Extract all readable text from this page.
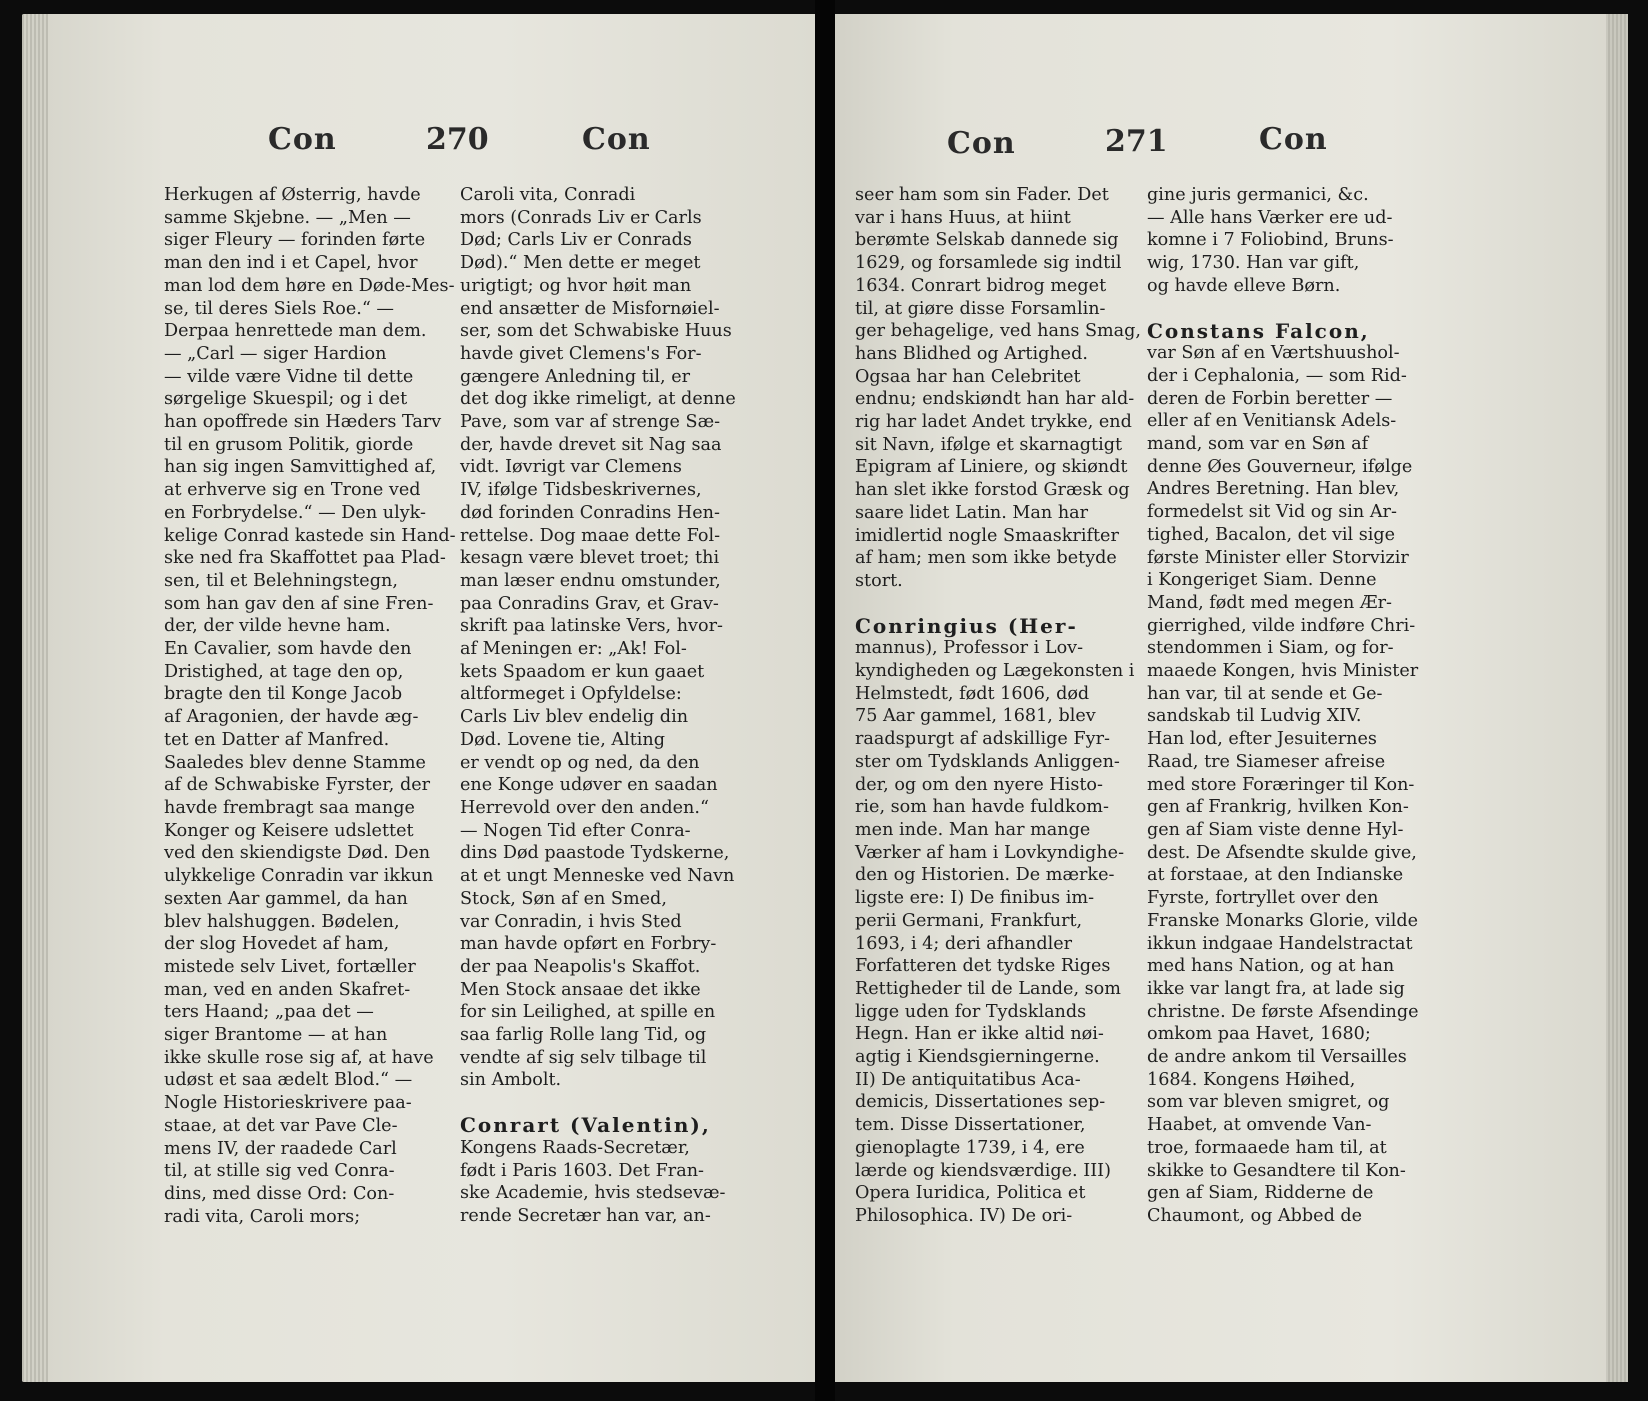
Con	270	Con

Herkugen af Østerrig, havde

samme Skjebne. — „Men —

siger Fleury — forinden førte

man den ind i et Capel, hvor

man lod dem høre en Døde-Mes-

se, til deres Siels Roe.“ —

Derpaa henrettede man dem.

— „Carl — siger Hardion

— vilde være Vidne til dette

sørgelige Skuespil; og i det

han opoffrede sin Hæders Tarv

til en grusom Politik, giorde

han sig ingen Samvittighed af,

at erhverve sig en Trone ved

en Forbrydelse.“ — Den ulyk-

kelige Conrad kastede sin Hand-

ske ned fra Skaffottet paa Plad-

sen, til et Belehningstegn,

som han gav den af sine Fren-

der, der vilde hevne ham.

En Cavalier, som havde den

Dristighed, at tage den op,

bragte den til Konge Jacob

af Aragonien, der havde æg-

tet en Datter af Manfred.

Saaledes blev denne Stamme

af de Schwabiske Fyrster, der

havde frembragt saa mange

Konger og Keisere udslettet

ved den skiendigste Død. Den

ulykkelige Conradin var ikkun

sexten Aar gammel, da han

blev halshuggen. Bødelen,

der slog Hovedet af ham,

mistede selv Livet, fortæller

man, ved en anden Skafret-

ters Haand; „paa det —

siger Brantome — at han

ikke skulle rose sig af, at have

udøst et saa ædelt Blod.“ —

Nogle Historieskrivere paa-

staae, at det var Pave Cle-

mens IV, der raadede Carl

til, at stille sig ved Conra-

dins, med disse Ord: Con-

radi vita, Caroli mors;

Caroli vita, Conradi

mors (Conrads Liv er Carls

Død; Carls Liv er Conrads

Død).“ Men dette er meget

urigtigt; og hvor høit man

end ansætter de Misfornøiel-

ser, som det Schwabiske Huus

havde givet Clemens's For-

gængere Anledning til, er

det dog ikke rimeligt, at denne

Pave, som var af strenge Sæ-

der, havde drevet sit Nag saa

vidt. Iøvrigt var Clemens

IV, ifølge Tidsbeskrivernes,

død forinden Conradins Hen-

rettelse. Dog maae dette Fol-

kesagn være blevet troet; thi

man læser endnu omstunder,

paa Conradins Grav, et Grav-

skrift paa latinske Vers, hvor-

af Meningen er: „Ak! Fol-

kets Spaadom er kun gaaet

altformeget i Opfyldelse:

Carls Liv blev endelig din

Død. Lovene tie, Alting

er vendt op og ned, da den

ene Konge udøver en saadan

Herrevold over den anden.“

— Nogen Tid efter Conra-

dins Død paastode Tydskerne,

at et ungt Menneske ved Navn

Stock, Søn af en Smed,

var Conradin, i hvis Sted

man havde opført en Forbry-

der paa Neapolis's Skaffot.

Men Stock ansaae det ikke

for sin Leilighed, at spille en

saa farlig Rolle lang Tid, og

vendte af sig selv tilbage til

sin Ambolt.

Conrart (Valentin),

Kongens Raads-Secretær,

født i Paris 1603. Det Fran-

ske Academie, hvis stedsevæ-

rende Secretær han var, an-

Con	271	Con

seer ham som sin Fader. Det

var i hans Huus, at hiint

berømte Selskab dannede sig

1629, og forsamlede sig indtil

1634. Conrart bidrog meget

til, at giøre disse Forsamlin-

ger behagelige, ved hans Smag,

hans Blidhed og Artighed.

Ogsaa har han Celebritet

endnu; endskiøndt han har ald-

rig har ladet Andet trykke, end

sit Navn, ifølge et skarnagtigt

Epigram af Liniere, og skiøndt

han slet ikke forstod Græsk og

saare lidet Latin. Man har

imidlertid nogle Smaaskrifter

af ham; men som ikke betyde

stort.

Conringius (Her-

mannus), Professor i Lov-

kyndigheden og Lægekonsten i

Helmstedt, født 1606, død

75 Aar gammel, 1681, blev

raadspurgt af adskillige Fyr-

ster om Tydsklands Anliggen-

der, og om den nyere Histo-

rie, som han havde fuldkom-

men inde. Man har mange

Værker af ham i Lovkyndighe-

den og Historien. De mærke-

ligste ere: I) De finibus im-

perii Germani, Frankfurt,

1693, i 4; deri afhandler

Forfatteren det tydske Riges

Rettigheder til de Lande, som

ligge uden for Tydsklands

Hegn. Han er ikke altid nøi-

agtig i Kiendsgierningerne.

II) De antiquitatibus Aca-

demicis, Dissertationes sep-

tem. Disse Dissertationer,

gienoplagte 1739, i 4, ere

lærde og kiendsværdige. III)

Opera Iuridica, Politica et

Philosophica. IV) De ori-

gine juris germanici, &c.

— Alle hans Værker ere ud-

komne i 7 Foliobind, Bruns-

wig, 1730. Han var gift,

og havde elleve Børn.

Constans Falcon,

var Søn af en Værtshuushol-

der i Cephalonia, — som Rid-

deren de Forbin beretter —

eller af en Venitiansk Adels-

mand, som var en Søn af

denne Øes Gouverneur, ifølge

Andres Beretning. Han blev,

formedelst sit Vid og sin Ar-

tighed, Bacalon, det vil sige

første Minister eller Storvizir

i Kongeriget Siam. Denne

Mand, født med megen Ær-

gierrighed, vilde indføre Chri-

stendommen i Siam, og for-

maaede Kongen, hvis Minister

han var, til at sende et Ge-

sandskab til Ludvig XIV.

Han lod, efter Jesuiternes

Raad, tre Siameser afreise

med store Foræringer til Kon-

gen af Frankrig, hvilken Kon-

gen af Siam viste denne Hyl-

dest. De Afsendte skulde give,

at forstaae, at den Indianske

Fyrste, fortryllet over den

Franske Monarks Glorie, vilde

ikkun indgaae Handelstractat

med hans Nation, og at han

ikke var langt fra, at lade sig

christne. De første Afsendinge

omkom paa Havet, 1680;

de andre ankom til Versailles

1684. Kongens Høihed,

som var bleven smigret, og

Haabet, at omvende Van-

troe, formaaede ham til, at

skikke to Gesandtere til Kon-

gen af Siam, Ridderne de

Chaumont, og Abbed de
